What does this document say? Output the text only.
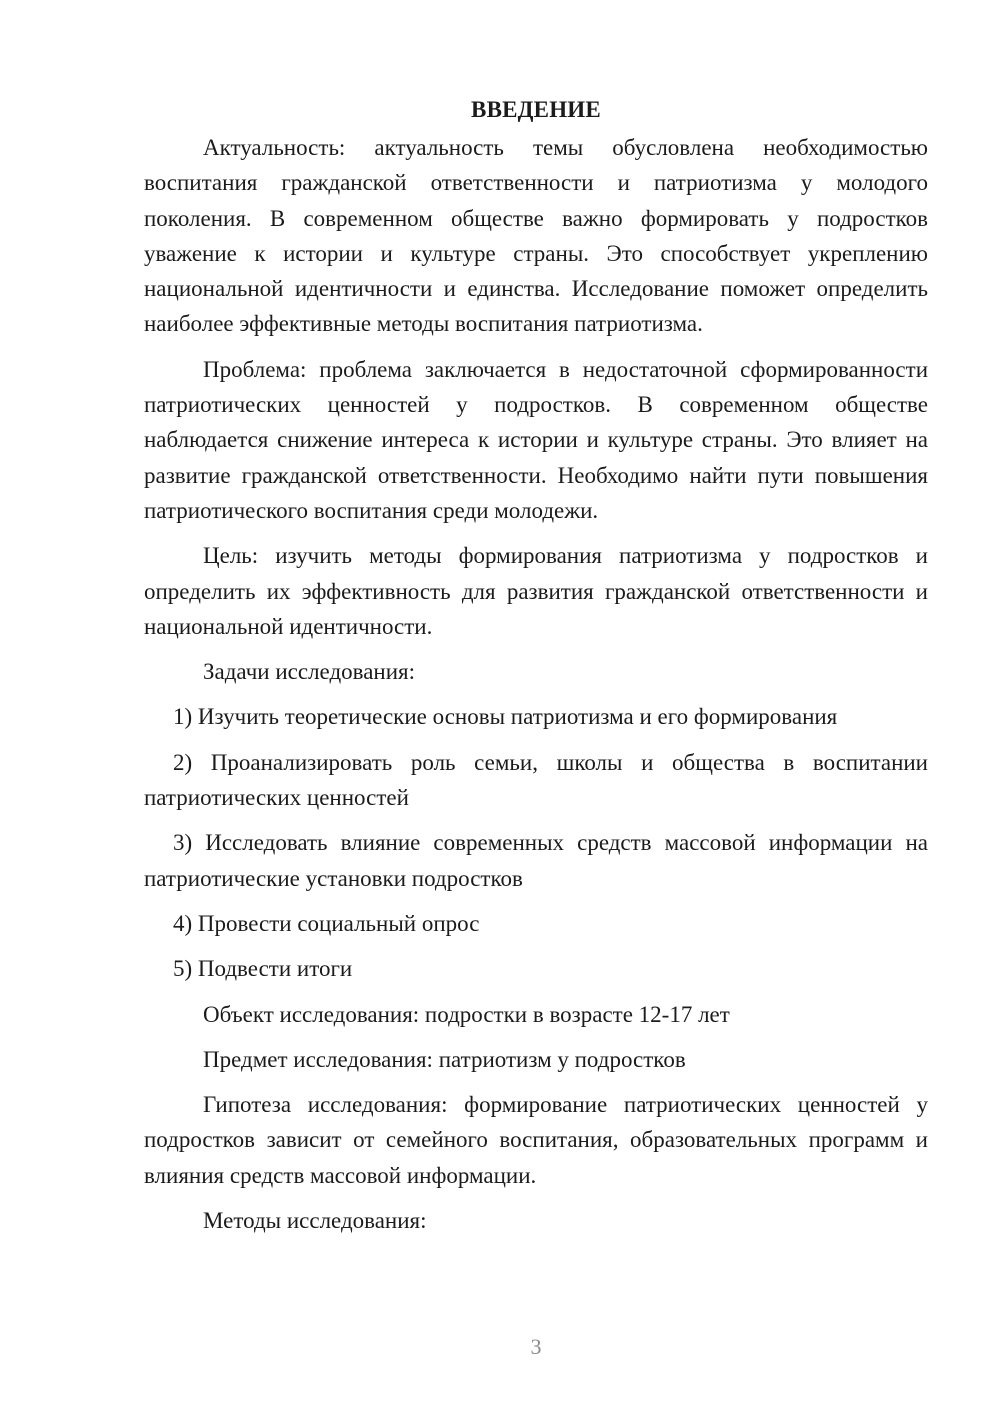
ВВЕДЕНИЕ

Актуальность: актуальность темы обусловлена необходимостью воспитания гражданской ответственности и патриотизма у молодого поколения. В современном обществе важно формировать у подростков уважение к истории и культуре страны. Это способствует укреплению национальной идентичности и единства. Исследование поможет определить наиболее эффективные методы воспитания патриотизма.

Проблема: проблема заключается в недостаточной сформированности патриотических ценностей у подростков. В современном обществе наблюдается снижение интереса к истории и культуре страны. Это влияет на развитие гражданской ответственности. Необходимо найти пути повышения патриотического воспитания среди молодежи.

Цель: изучить методы формирования патриотизма у подростков и определить их эффективность для развития гражданской ответственности и национальной идентичности.

Задачи исследования:

1) Изучить теоретические основы патриотизма и его формирования

2) Проанализировать роль семьи, школы и общества в воспитании патриотических ценностей

3) Исследовать влияние современных средств массовой информации на патриотические установки подростков

4) Провести социальный опрос

5) Подвести итоги

Объект исследования: подростки в возрасте 12-17 лет

Предмет исследования: патриотизм у подростков

Гипотеза исследования: формирование патриотических ценностей у подростков зависит от семейного воспитания, образовательных программ и влияния средств массовой информации.

Методы исследования:

3
